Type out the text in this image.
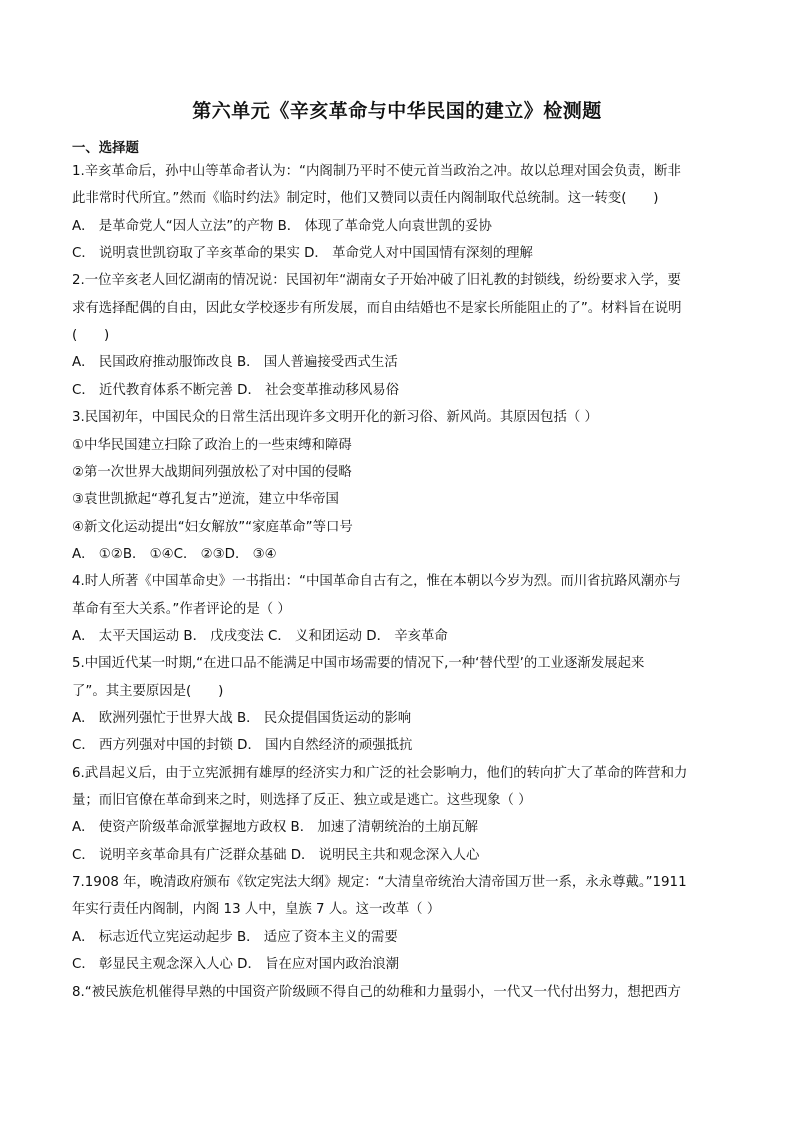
第六单元《辛亥革命与中华民国的建立》检测题
一、选择题
1.辛亥革命后，孙中山等革命者认为：“内阁制乃平时不使元首当政治之冲。故以总理对国会负责，断非
此非常时代所宜。”然而《临时约法》制定时，他们又赞同以责任内阁制取代总统制。这一转变(　　)
A． 是革命党人“因人立法”的产物 B． 体现了革命党人向袁世凯的妥协
C． 说明袁世凯窃取了辛亥革命的果实 D． 革命党人对中国国情有深刻的理解
2.一位辛亥老人回忆湖南的情况说：民国初年“湖南女子开始冲破了旧礼教的封锁线，纷纷要求入学，要
求有选择配偶的自由，因此女学校逐步有所发展，而自由结婚也不是家长所能阻止的了”。材料旨在说明
(　　)
A． 民国政府推动服饰改良 B． 国人普遍接受西式生活
C． 近代教育体系不断完善 D． 社会变革推动移风易俗
3.民国初年，中国民众的日常生活出现许多文明开化的新习俗、新风尚。其原因包括（ ）
①中华民国建立扫除了政治上的一些束缚和障碍
②第一次世界大战期间列强放松了对中国的侵略
③袁世凯掀起“尊孔复古”逆流，建立中华帝国
④新文化运动提出“妇女解放”“家庭革命”等口号
A． ①②B． ①④C． ②③D． ③④
4.时人所著《中国革命史》一书指出：“中国革命自古有之，惟在本朝以今岁为烈。而川省抗路风潮亦与
革命有至大关系。”作者评论的是（ ）
A． 太平天国运动 B． 戊戌变法 C． 义和团运动 D． 辛亥革命
5.中国近代某一时期,“在进口品不能满足中国市场需要的情况下,一种‘替代型’的工业逐渐发展起来
了”。其主要原因是(　　)
A． 欧洲列强忙于世界大战 B． 民众提倡国货运动的影响
C． 西方列强对中国的封锁 D． 国内自然经济的顽强抵抗
6.武昌起义后，由于立宪派拥有雄厚的经济实力和广泛的社会影响力，他们的转向扩大了革命的阵营和力
量；而旧官僚在革命到来之时，则选择了反正、独立或是逃亡。这些现象（ ）
A． 使资产阶级革命派掌握地方政权 B． 加速了清朝统治的土崩瓦解
C． 说明辛亥革命具有广泛群众基础 D． 说明民主共和观念深入人心
7.1908 年，晚清政府颁布《钦定宪法大纲》规定：“大清皇帝统治大清帝国万世一系，永永尊戴。”1911
年实行责任内阁制，内阁 13 人中，皇族 7 人。这一改革（ ）
A． 标志近代立宪运动起步 B． 适应了资本主义的需要
C． 彰显民主观念深入人心 D． 旨在应对国内政治浪潮
8.“被民族危机催得早熟的中国资产阶级顾不得自己的幼稚和力量弱小，一代又一代付出努力，想把西方
